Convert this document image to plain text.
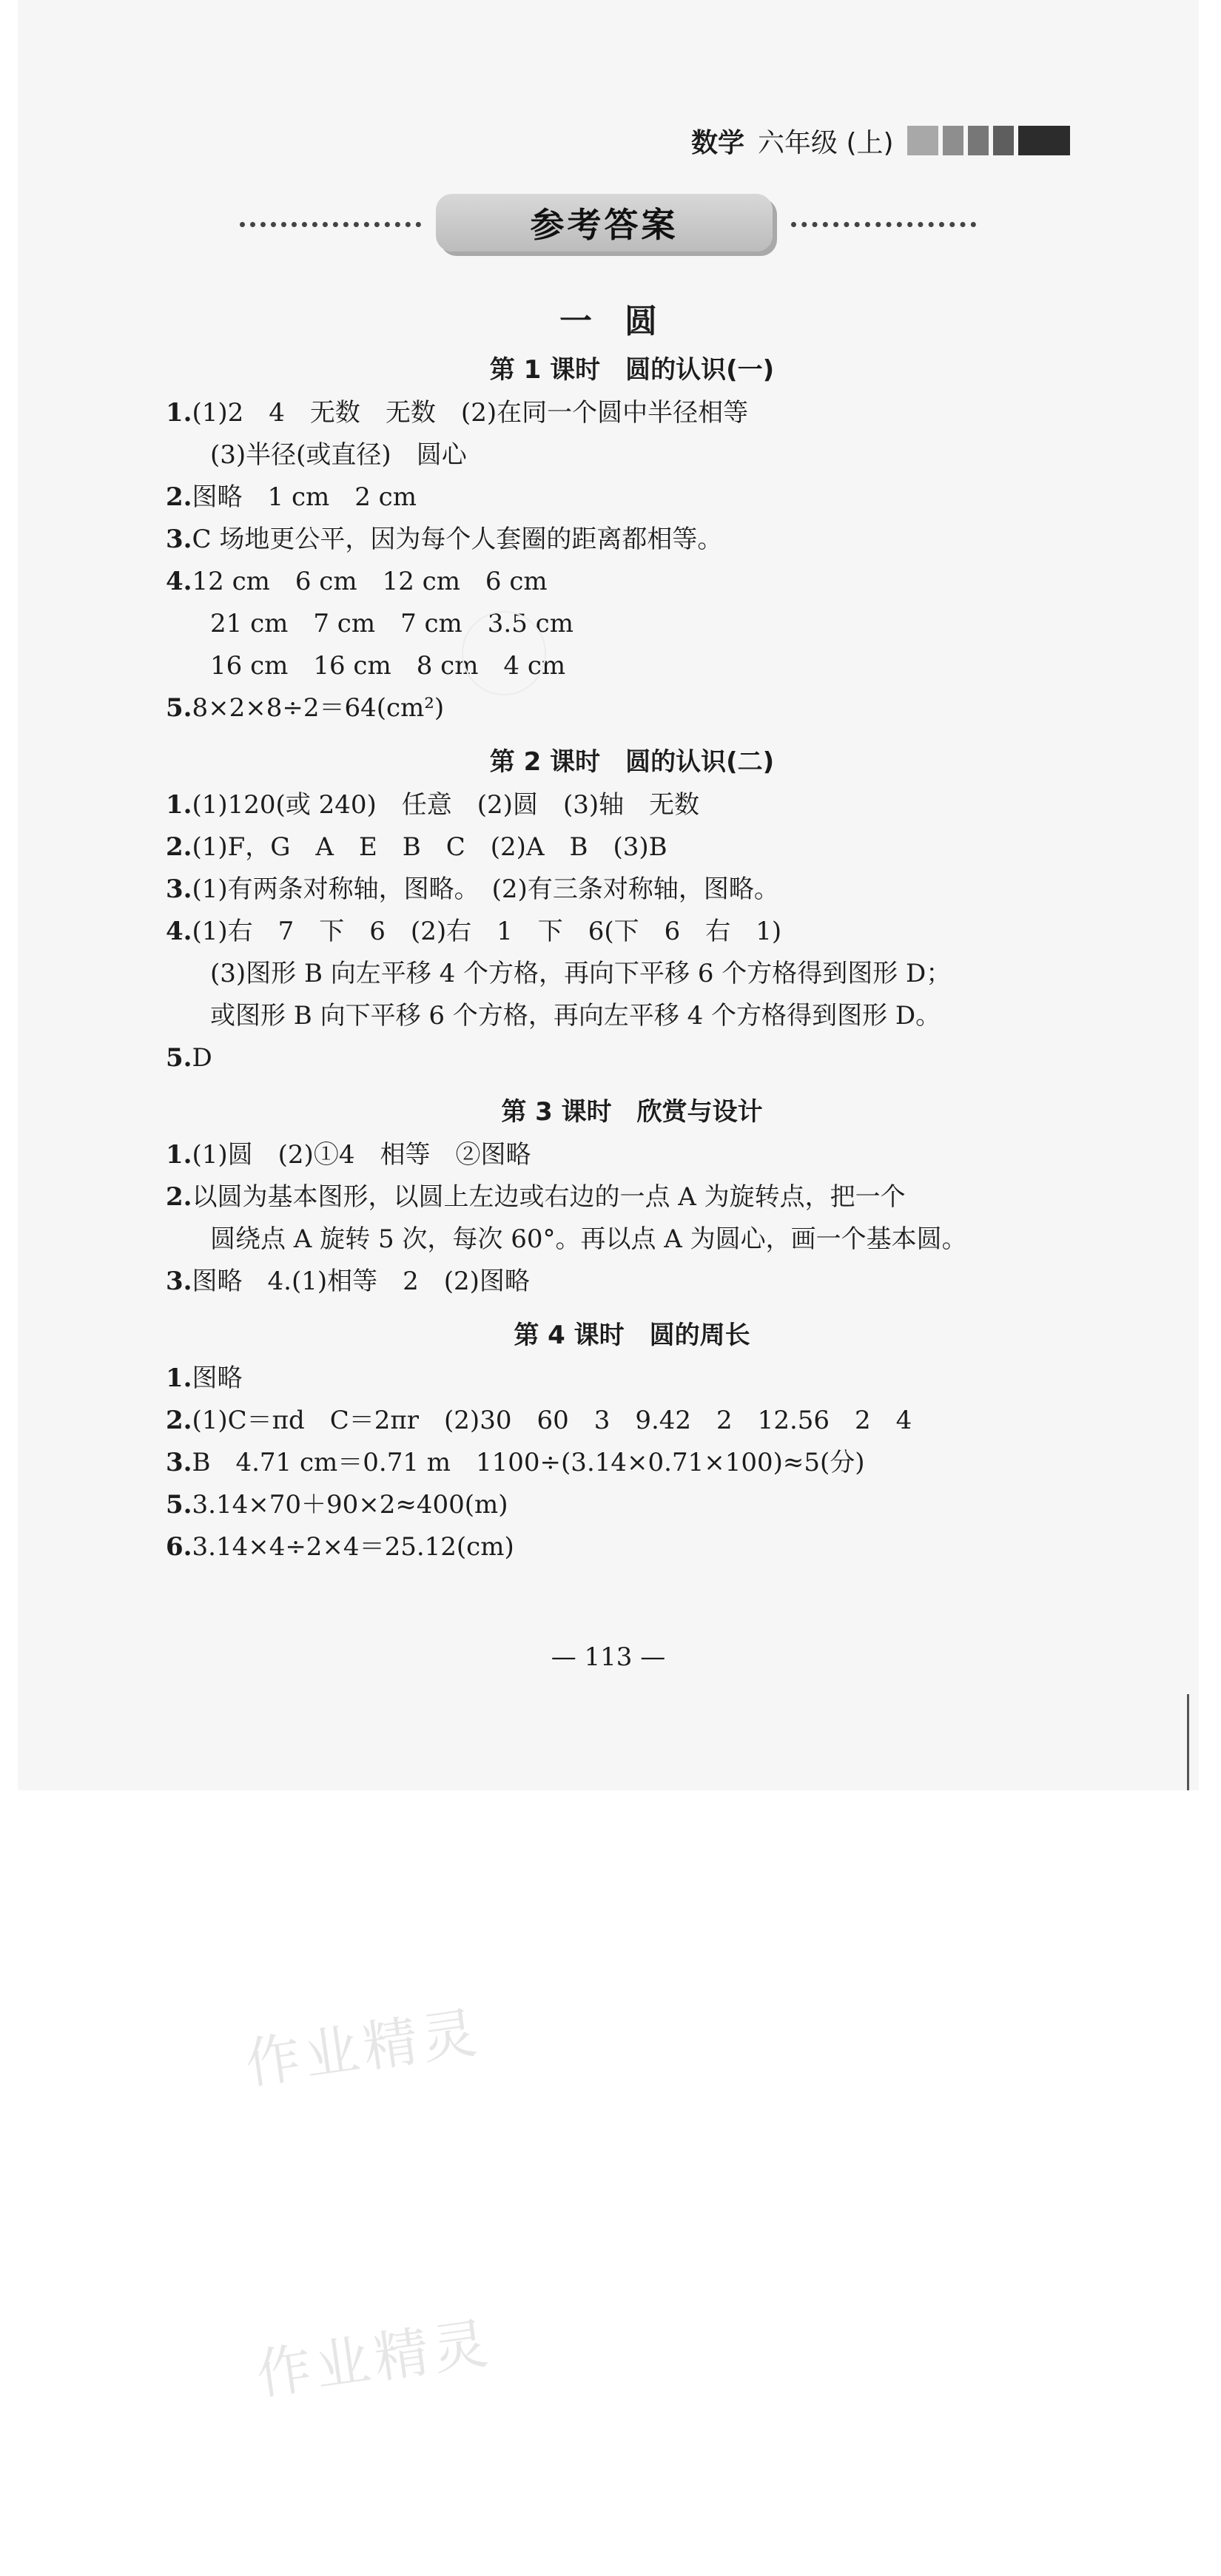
数学 六年级 (上)
参考答案
一　圆
第 1 课时　圆的认识(一)
1.(1)2　4　无数　无数　(2)在同一个圆中半径相等
(3)半径(或直径)　圆心
2.图略　1 cm　2 cm
3.C 场地更公平，因为每个人套圈的距离都相等。
4.12 cm　6 cm　12 cm　6 cm
21 cm　7 cm　7 cm　3.5 cm
16 cm　16 cm　8 cm　4 cm
5.8×2×8÷2＝64(cm²)
第 2 课时　圆的认识(二)
1.(1)120(或 240)　任意　(2)圆　(3)轴　无数
2.(1)F，G　A　E　B　C　(2)A　B　(3)B
3.(1)有两条对称轴，图略。　(2)有三条对称轴，图略。
4.(1)右　7　下　6　(2)右　1　下　6(下　6　右　1)
(3)图形 B 向左平移 4 个方格，再向下平移 6 个方格得到图形 D；
或图形 B 向下平移 6 个方格，再向左平移 4 个方格得到图形 D。
5.D
第 3 课时　欣赏与设计
1.(1)圆　(2)①4　相等　②图略
2.以圆为基本图形，以圆上左边或右边的一点 A 为旋转点，把一个
圆绕点 A 旋转 5 次，每次 60°。再以点 A 为圆心，画一个基本圆。
3.图略　4.(1)相等　2　(2)图略
第 4 课时　圆的周长
1.图略
2.(1)C＝πd　C＝2πr　(2)30　60　3　9.42　2　12.56　2　4
3.B　4.71 cm＝0.71 m　1100÷(3.14×0.71×100)≈5(分)
5.3.14×70＋90×2≈400(m)
6.3.14×4÷2×4＝25.12(cm)
— 113 —
作业精灵
作业精灵
